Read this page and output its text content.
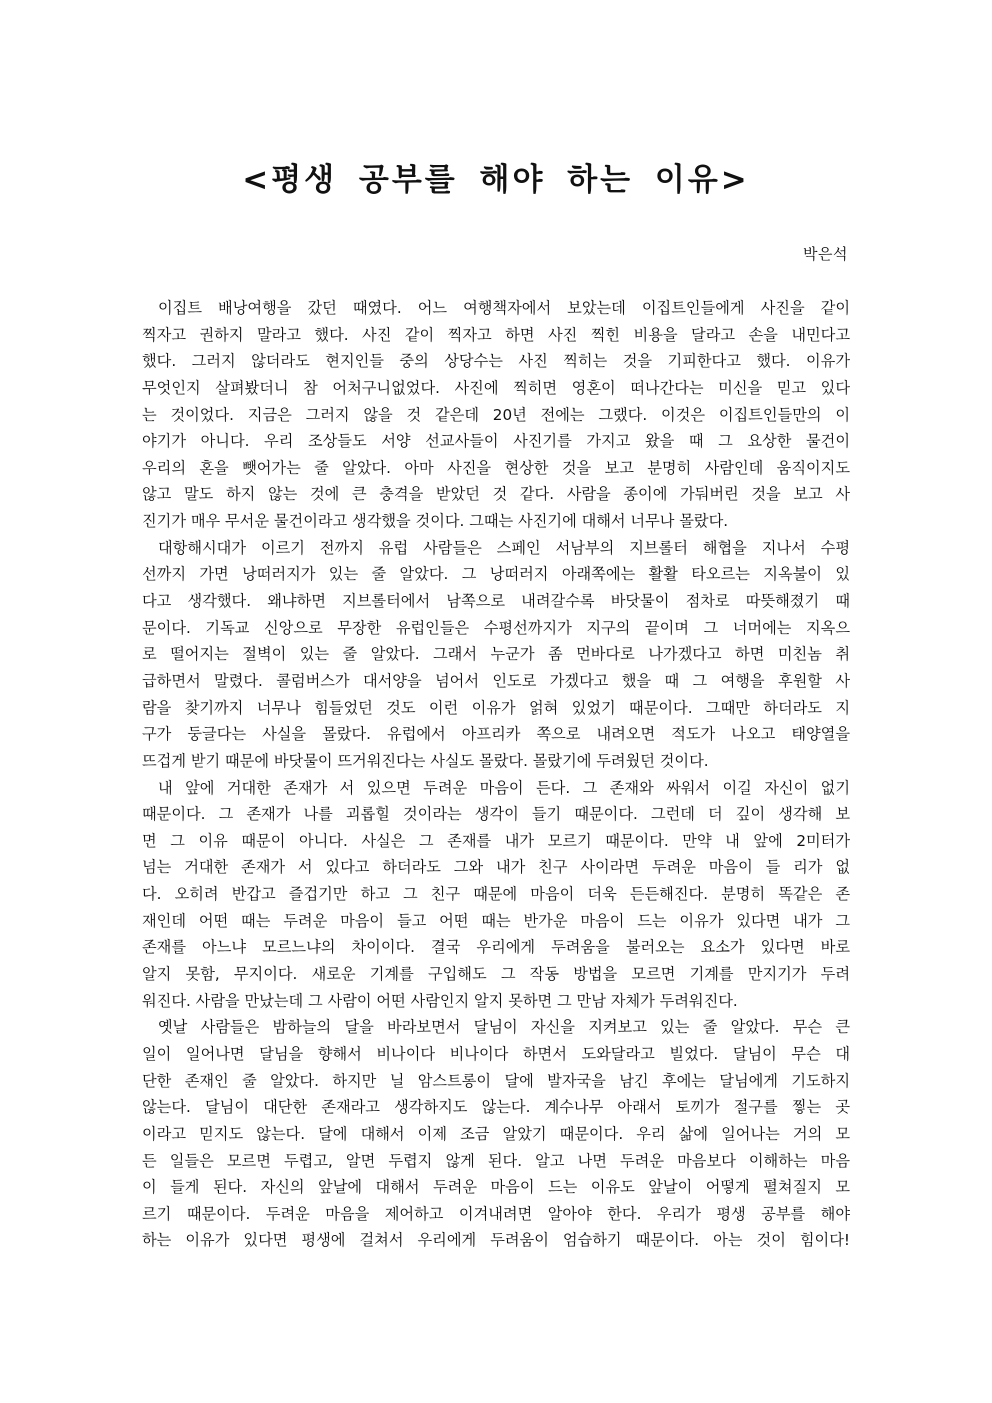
<평생 공부를 해야 하는 이유>
박은석
이집트 배낭여행을 갔던 때였다. 어느 여행책자에서 보았는데 이집트인들에게 사진을 같이
찍자고 권하지 말라고 했다. 사진 같이 찍자고 하면 사진 찍힌 비용을 달라고 손을 내민다고
했다. 그러지 않더라도 현지인들 중의 상당수는 사진 찍히는 것을 기피한다고 했다. 이유가
무엇인지 살펴봤더니 참 어처구니없었다. 사진에 찍히면 영혼이 떠나간다는 미신을 믿고 있다
는 것이었다. 지금은 그러지 않을 것 같은데 20년 전에는 그랬다. 이것은 이집트인들만의 이
야기가 아니다. 우리 조상들도 서양 선교사들이 사진기를 가지고 왔을 때 그 요상한 물건이
우리의 혼을 뺏어가는 줄 알았다. 아마 사진을 현상한 것을 보고 분명히 사람인데 움직이지도
않고 말도 하지 않는 것에 큰 충격을 받았던 것 같다. 사람을 종이에 가둬버린 것을 보고 사
진기가 매우 무서운 물건이라고 생각했을 것이다. 그때는 사진기에 대해서 너무나 몰랐다.
대항해시대가 이르기 전까지 유럽 사람들은 스페인 서남부의 지브롤터 해협을 지나서 수평
선까지 가면 낭떠러지가 있는 줄 알았다. 그 낭떠러지 아래쪽에는 활활 타오르는 지옥불이 있
다고 생각했다. 왜냐하면 지브롤터에서 남쪽으로 내려갈수록 바닷물이 점차로 따뜻해졌기 때
문이다. 기독교 신앙으로 무장한 유럽인들은 수평선까지가 지구의 끝이며 그 너머에는 지옥으
로 떨어지는 절벽이 있는 줄 알았다. 그래서 누군가 좀 먼바다로 나가겠다고 하면 미친놈 취
급하면서 말렸다. 콜럼버스가 대서양을 넘어서 인도로 가겠다고 했을 때 그 여행을 후원할 사
람을 찾기까지 너무나 힘들었던 것도 이런 이유가 얽혀 있었기 때문이다. 그때만 하더라도 지
구가 둥글다는 사실을 몰랐다. 유럽에서 아프리카 쪽으로 내려오면 적도가 나오고 태양열을
뜨겁게 받기 때문에 바닷물이 뜨거워진다는 사실도 몰랐다. 몰랐기에 두려웠던 것이다.
내 앞에 거대한 존재가 서 있으면 두려운 마음이 든다. 그 존재와 싸워서 이길 자신이 없기
때문이다. 그 존재가 나를 괴롭힐 것이라는 생각이 들기 때문이다. 그런데 더 깊이 생각해 보
면 그 이유 때문이 아니다. 사실은 그 존재를 내가 모르기 때문이다. 만약 내 앞에 2미터가
넘는 거대한 존재가 서 있다고 하더라도 그와 내가 친구 사이라면 두려운 마음이 들 리가 없
다. 오히려 반갑고 즐겁기만 하고 그 친구 때문에 마음이 더욱 든든해진다. 분명히 똑같은 존
재인데 어떤 때는 두려운 마음이 들고 어떤 때는 반가운 마음이 드는 이유가 있다면 내가 그
존재를 아느냐 모르느냐의 차이이다. 결국 우리에게 두려움을 불러오는 요소가 있다면 바로
알지 못함, 무지이다. 새로운 기계를 구입해도 그 작동 방법을 모르면 기계를 만지기가 두려
워진다. 사람을 만났는데 그 사람이 어떤 사람인지 알지 못하면 그 만남 자체가 두려워진다.
옛날 사람들은 밤하늘의 달을 바라보면서 달님이 자신을 지켜보고 있는 줄 알았다. 무슨 큰
일이 일어나면 달님을 향해서 비나이다 비나이다 하면서 도와달라고 빌었다. 달님이 무슨 대
단한 존재인 줄 알았다. 하지만 닐 암스트롱이 달에 발자국을 남긴 후에는 달님에게 기도하지
않는다. 달님이 대단한 존재라고 생각하지도 않는다. 계수나무 아래서 토끼가 절구를 찧는 곳
이라고 믿지도 않는다. 달에 대해서 이제 조금 알았기 때문이다. 우리 삶에 일어나는 거의 모
든 일들은 모르면 두렵고, 알면 두렵지 않게 된다. 알고 나면 두려운 마음보다 이해하는 마음
이 들게 된다. 자신의 앞날에 대해서 두려운 마음이 드는 이유도 앞날이 어떻게 펼쳐질지 모
르기 때문이다. 두려운 마음을 제어하고 이겨내려면 알아야 한다. 우리가 평생 공부를 해야
하는 이유가 있다면 평생에 걸쳐서 우리에게 두려움이 엄습하기 때문이다. 아는 것이 힘이다!
